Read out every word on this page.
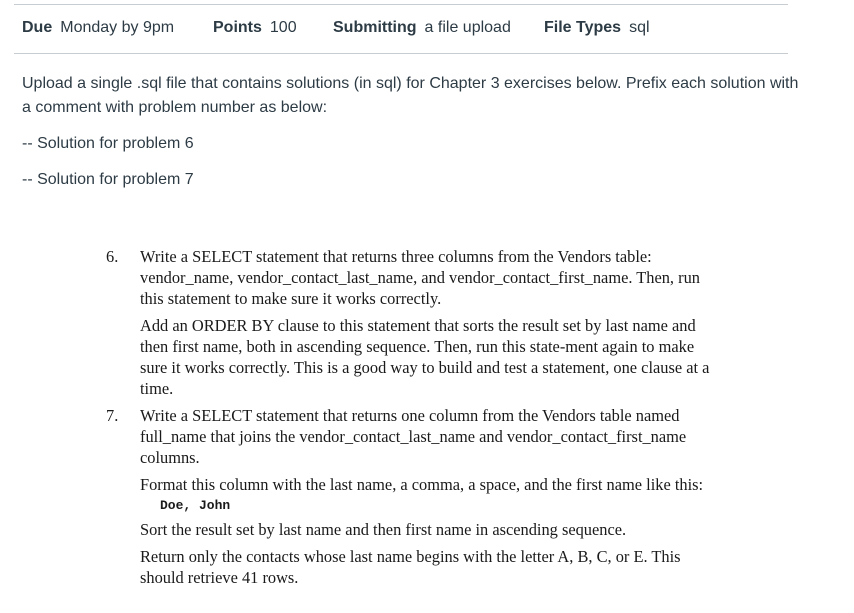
Due Monday by 9pm Points 100 Submitting a file upload File Types sql

Upload a single .sql file that contains solutions (in sql) for Chapter 3 exercises below. Prefix each solution with a comment with problem number as below:

-- Solution for problem 6

-- Solution for problem 7

6.	Write a SELECT statement that returns three columns from the Vendors table: vendor_name, vendor_contact_last_name, and vendor_contact_first_name. Then, run this statement to make sure it works correctly.

Add an ORDER BY clause to this statement that sorts the result set by last name and then first name, both in ascending sequence. Then, run this state-ment again to make sure it works correctly. This is a good way to build and test a statement, one clause at a time.

7.	Write a SELECT statement that returns one column from the Vendors table named full_name that joins the vendor_contact_last_name and vendor_contact_first_name columns.

Format this column with the last name, a comma, a space, and the first name like this:

Doe, John

Sort the result set by last name and then first name in ascending sequence.

Return only the contacts whose last name begins with the letter A, B, C, or E. This should retrieve 41 rows.
